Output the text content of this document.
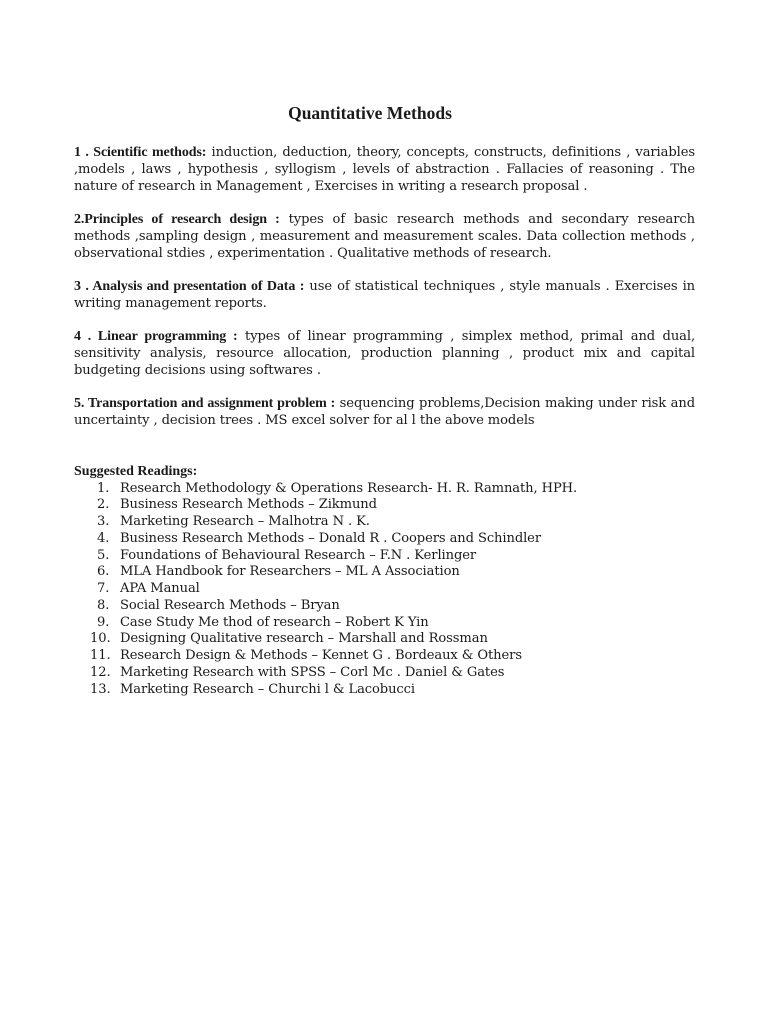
Quantitative Methods

1 . Scientific methods: induction, deduction, theory, concepts, constructs, definitions , variables ,models , laws , hypothesis , syllogism , levels of abstraction . Fallacies of reasoning . The nature of research in Management , Exercises in writing a research proposal .

2.Principles of research design : types of basic research methods and secondary research methods ,sampling design , measurement and measurement scales. Data collection methods , observational stdies , experimentation . Qualitative methods of research.

3 . Analysis and presentation of Data : use of statistical techniques , style manuals . Exercises in writing management reports.

4 . Linear programming : types of linear programming , simplex method, primal and dual, sensitivity analysis, resource allocation, production planning , product mix and capital budgeting decisions using softwares .

5. Transportation and assignment problem : sequencing problems,Decision making under risk and uncertainty , decision trees . MS excel solver for al l the above models

Suggested Readings:

1. Research Methodology & Operations Research- H. R. Ramnath, HPH.
2. Business Research Methods – Zikmund
3. Marketing Research – Malhotra N . K.
4. Business Research Methods – Donald R . Coopers and Schindler
5. Foundations of Behavioural Research – F.N . Kerlinger
6. MLA Handbook for Researchers – ML A Association
7. APA Manual
8. Social Research Methods – Bryan
9. Case Study Me thod of research – Robert K Yin
10. Designing Qualitative research – Marshall and Rossman
11. Research Design & Methods – Kennet G . Bordeaux & Others
12. Marketing Research with SPSS – Corl Mc . Daniel & Gates
13. Marketing Research – Churchi l & Lacobucci
